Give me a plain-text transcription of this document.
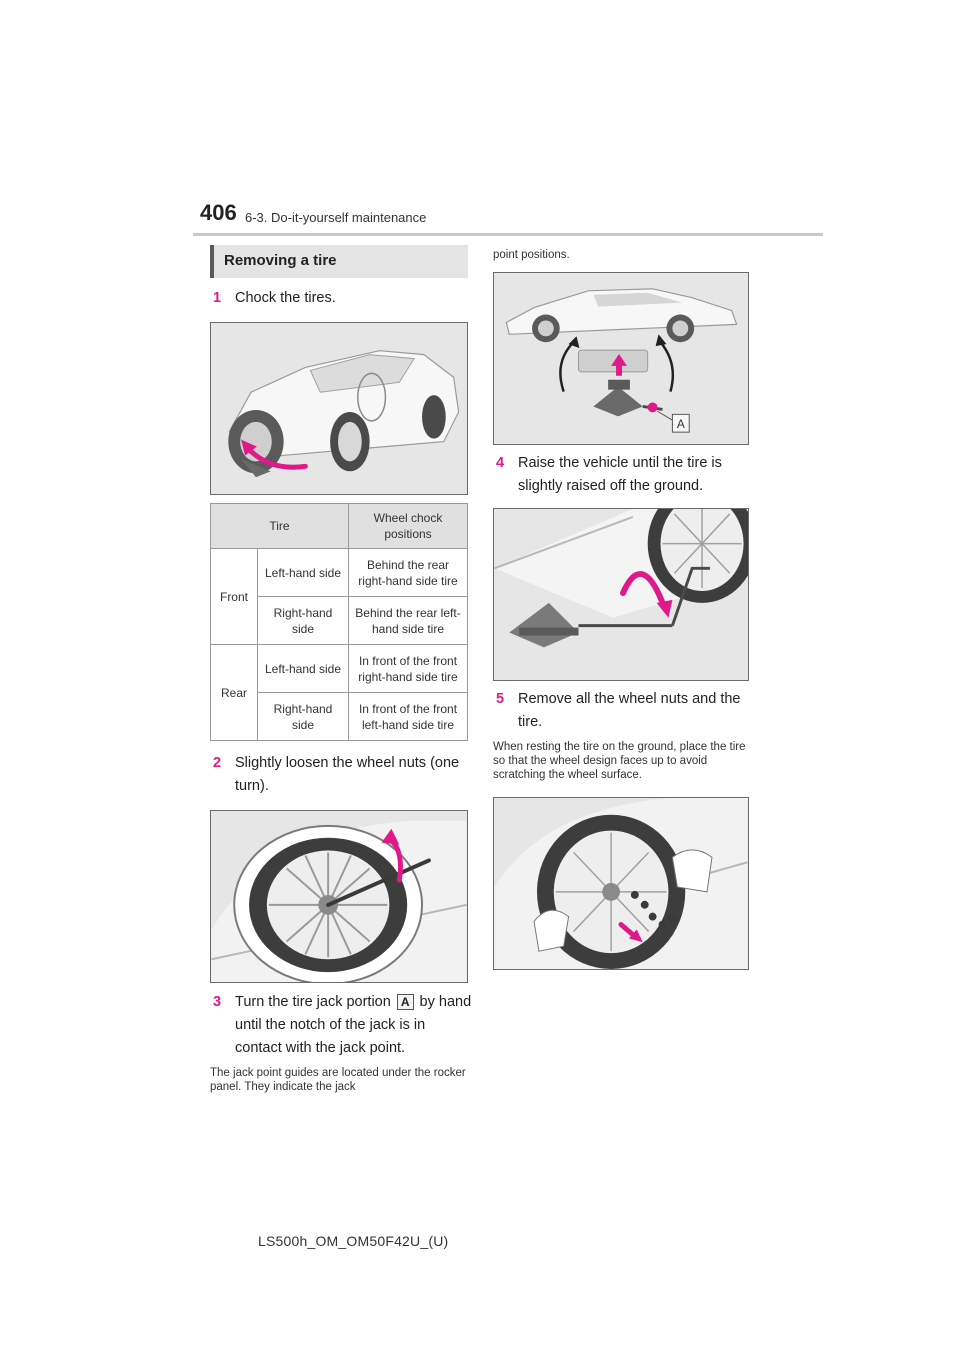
406 6-3. Do-it-yourself maintenance
Removing a tire
1 Chock the tires.
Tire		Wheel chock positions
Front	Left-hand side	Behind the rear right-hand side tire
	Right-hand side	Behind the rear left-hand side tire
Rear	Left-hand side	In front of the front right-hand side tire
	Right-hand side	In front of the front left-hand side tire
2 Slightly loosen the wheel nuts (one turn).
3 Turn the tire jack portion A by hand until the notch of the jack is in contact with the jack point.
The jack point guides are located under the rocker panel. They indicate the jack
point positions.
A
4 Raise the vehicle until the tire is slightly raised off the ground.
5 Remove all the wheel nuts and the tire.
When resting the tire on the ground, place the tire so that the wheel design faces up to avoid scratching the wheel surface.
LS500h_OM_OM50F42U_(U)
